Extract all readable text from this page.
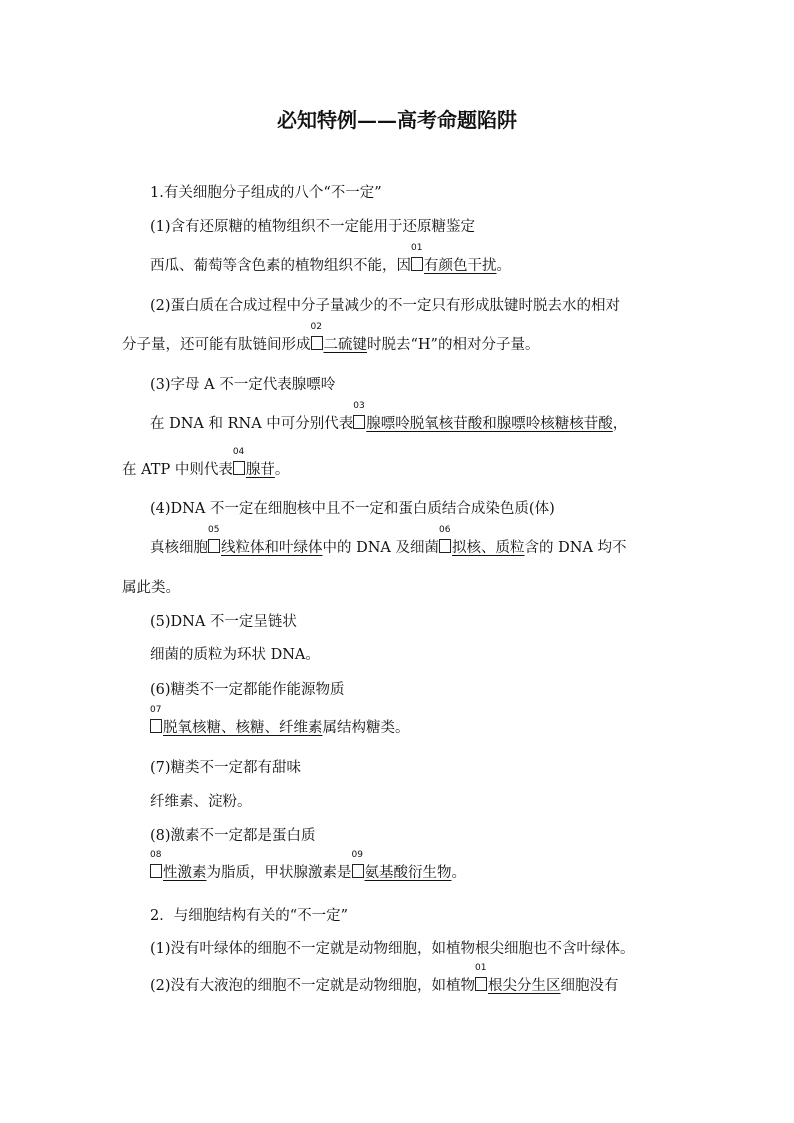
必知特例——高考命题陷阱
1.有关细胞分子组成的八个“不一定”
(1)含有还原糖的植物组织不一定能用于还原糖鉴定
西瓜、葡萄等含色素的植物组织不能，因
01
有颜色干扰。
(2)蛋白质在合成过程中分子量减少的不一定只有形成肽键时脱去水的相对
分子量，还可能有肽链间形成
02
二硫键时脱去“H”的相对分子量。
(3)字母 A 不一定代表腺嘌呤
在 DNA 和 RNA 中可分别代表
03
腺嘌呤脱氧核苷酸和腺嘌呤核糖核苷酸，
在 ATP 中则代表
04
腺苷。
(4)DNA 不一定在细胞核中且不一定和蛋白质结合成染色质(体)
真核细胞
05
线粒体和叶绿体中的 DNA 及细菌
06
拟核、质粒含的 DNA 均不
属此类。
(5)DNA 不一定呈链状
细菌的质粒为环状 DNA。
(6)糖类不一定都能作能源物质
07
脱氧核糖、核糖、纤维素属结构糖类。
(7)糖类不一定都有甜味
纤维素、淀粉。
(8)激素不一定都是蛋白质
08
性激素为脂质，甲状腺激素是
09
氨基酸衍生物。
2．与细胞结构有关的“不一定”
(1)没有叶绿体的细胞不一定就是动物细胞，如植物根尖细胞也不含叶绿体。
(2)没有大液泡的细胞不一定就是动物细胞，如植物
01
根尖分生区细胞没有
